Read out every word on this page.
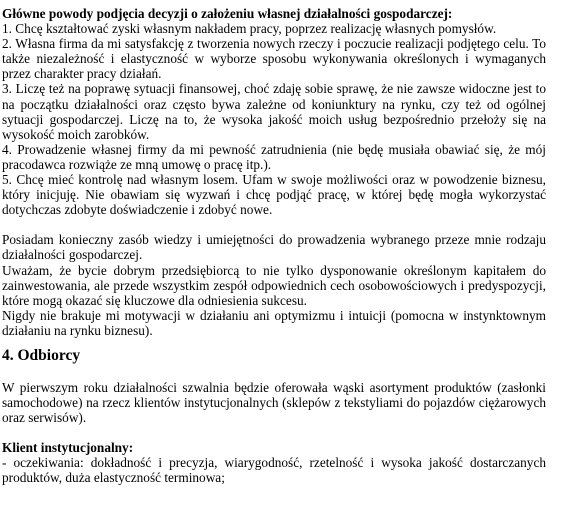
Główne powody podjęcia decyzji o założeniu własnej działalności gospodarczej:

1. Chcę kształtować zyski własnym nakładem pracy, poprzez realizację własnych pomysłów.

2. Własna firma da mi satysfakcję z tworzenia nowych rzeczy i poczucie realizacji podjętego celu. To także niezależność i elastyczność w wyborze sposobu wykonywania określonych i wymaganych przez charakter pracy działań.

3. Liczę też na poprawę sytuacji finansowej, choć zdaję sobie sprawę, że nie zawsze widoczne jest to na początku działalności oraz często bywa zależne od koniunktury na rynku, czy też od ogólnej sytuacji gospodarczej. Liczę na to, że wysoka jakość moich usług bezpośrednio przełoży się na wysokość moich zarobków.

4. Prowadzenie własnej firmy da mi pewność zatrudnienia (nie będę musiała obawiać się, że mój pracodawca rozwiąże ze mną umowę o pracę itp.).

5. Chcę mieć kontrolę nad własnym losem. Ufam w swoje możliwości oraz w powodzenie biznesu, który inicjuję. Nie obawiam się wyzwań i chcę podjąć pracę, w której będę mogła wykorzystać dotychczas zdobyte doświadczenie i zdobyć nowe.

Posiadam konieczny zasób wiedzy i umiejętności do prowadzenia wybranego przeze mnie rodzaju działalności gospodarczej.

Uważam, że bycie dobrym przedsiębiorcą to nie tylko dysponowanie określonym kapitałem do zainwestowania, ale przede wszystkim zespół odpowiednich cech osobowościowych i predyspozycji, które mogą okazać się kluczowe dla odniesienia sukcesu.

Nigdy nie brakuje mi motywacji w działaniu ani optymizmu i intuicji (pomocna w instynktownym działaniu na rynku biznesu).

4. Odbiorcy

W pierwszym roku działalności szwalnia będzie oferowała wąski asortyment produktów (zasłonki samochodowe) na rzecz klientów instytucjonalnych (sklepów z tekstyliami do pojazdów ciężarowych oraz serwisów).

Klient instytucjonalny:

- oczekiwania: dokładność i precyzja, wiarygodność, rzetelność i wysoka jakość dostarczanych produktów, duża elastyczność terminowa;
